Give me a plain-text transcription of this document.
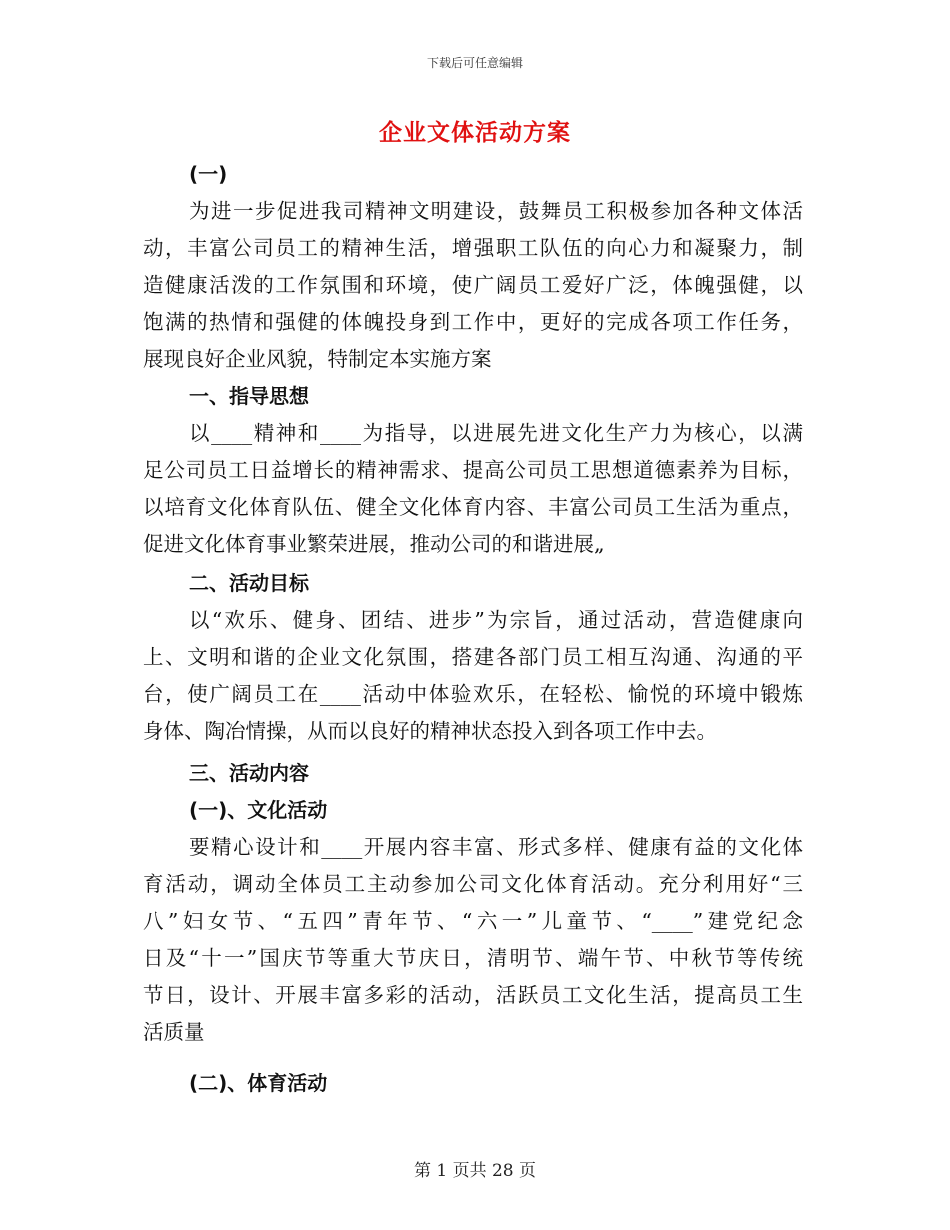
下载后可任意编辑
企业文体活动方案
(一)
为进一步促进我司精神文明建设，鼓舞员工积极参加各种文体活
动，丰富公司员工的精神生活，增强职工队伍的向心力和凝聚力，制
造健康活泼的工作氛围和环境，使广阔员工爱好广泛，体魄强健，以
饱满的热情和强健的体魄投身到工作中，更好的完成各项工作任务，
展现良好企业风貌，特制定本实施方案
一、指导思想
以____精神和____为指导，以进展先进文化生产力为核心，以满
足公司员工日益增长的精神需求、提高公司员工思想道德素养为目标，
以培育文化体育队伍、健全文化体育内容、丰富公司员工生活为重点，
促进文化体育事业繁荣进展，推动公司的和谐进展„
二、活动目标
以“欢乐、健身、团结、进步”为宗旨，通过活动，营造健康向
上、文明和谐的企业文化氛围，搭建各部门员工相互沟通、沟通的平
台，使广阔员工在____活动中体验欢乐，在轻松、愉悦的环境中锻炼
身体、陶冶情操，从而以良好的精神状态投入到各项工作中去。
三、活动内容
(一)、文化活动
要精心设计和____开展内容丰富、形式多样、健康有益的文化体
育活动，调动全体员工主动参加公司文化体育活动。充分利用好“三
八”妇女节、“五四”青年节、“六一”儿童节、“____”建党纪念
日及“十一”国庆节等重大节庆日，清明节、端午节、中秋节等传统
节日，设计、开展丰富多彩的活动，活跃员工文化生活，提高员工生
活质量
(二)、体育活动
第 1 页共 28 页
